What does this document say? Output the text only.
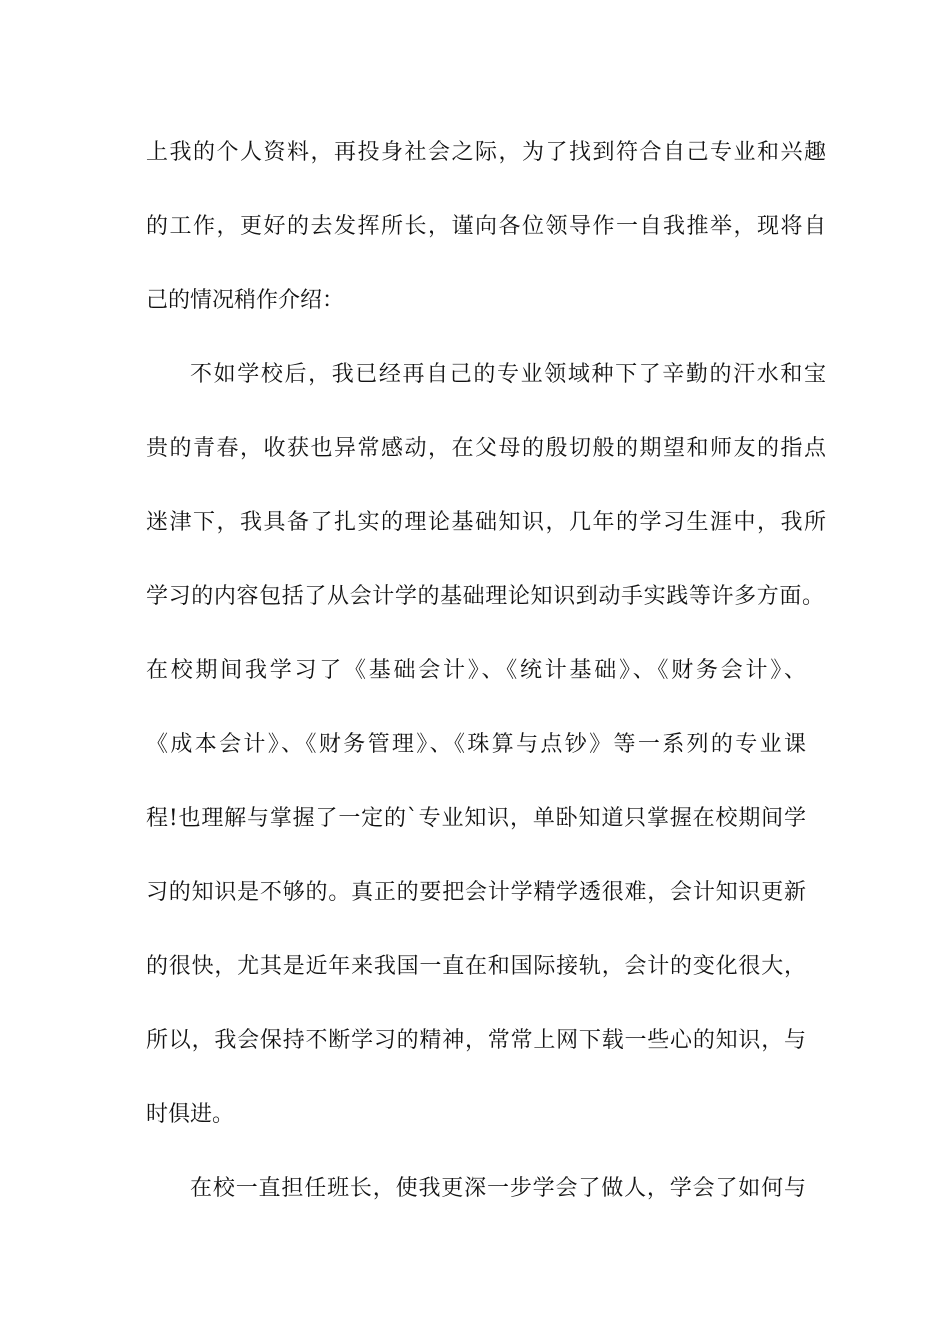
上我的个人资料，再投身社会之际，为了找到符合自己专业和兴趣
的工作，更好的去发挥所长，谨向各位领导作一自我推举，现将自
己的情况稍作介绍：
不如学校后，我已经再自己的专业领域种下了辛勤的汗水和宝
贵的青春，收获也异常感动，在父母的殷切般的期望和师友的指点
迷津下，我具备了扎实的理论基础知识，几年的学习生涯中，我所
学习的内容包括了从会计学的基础理论知识到动手实践等许多方面。
在校期间我学习了《基础会计》、《统计基础》、《财务会计》、
《成本会计》、《财务管理》、《珠算与点钞》等一系列的专业课
程!也理解与掌握了一定的`专业知识，单卧知道只掌握在校期间学
习的知识是不够的。真正的要把会计学精学透很难，会计知识更新
的很快，尤其是近年来我国一直在和国际接轨，会计的变化很大，
所以，我会保持不断学习的精神，常常上网下载一些心的知识，与
时俱进。
在校一直担任班长，使我更深一步学会了做人，学会了如何与
